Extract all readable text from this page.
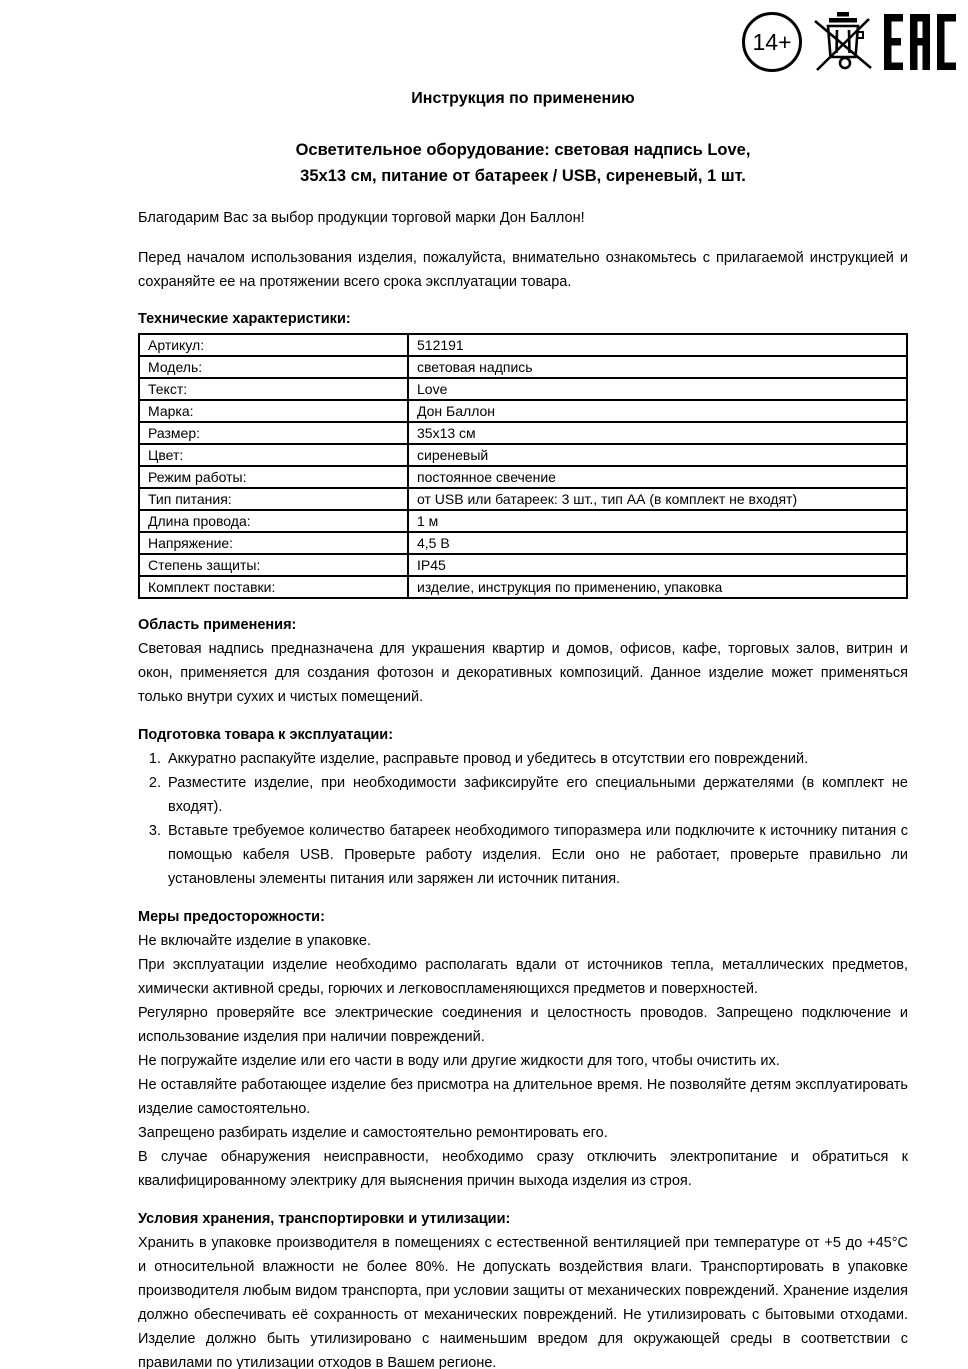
14+
Инструкция по применению
Осветительное оборудование: световая надпись Love,
35х13 см, питание от батареек / USB, сиреневый, 1 шт.

Благодарим Вас за выбор продукции торговой марки Дон Баллон!

Перед началом использования изделия, пожалуйста, внимательно ознакомьтесь с прилагаемой инструкцией и сохраняйте ее на протяжении всего срока эксплуатации товара.

Технические характеристики:
Артикул:	512191
Модель:	световая надпись
Текст:	Love
Марка:	Дон Баллон
Размер:	35х13 см
Цвет:	сиреневый
Режим работы:	постоянное свечение
Тип питания:	от USB или батареек: 3 шт., тип АА (в комплект не входят)
Длина провода:	1 м
Напряжение:	4,5 В
Степень защиты:	IP45
Комплект поставки:	изделие, инструкция по применению, упаковка
Область применения:

Световая надпись предназначена для украшения квартир и домов, офисов, кафе, торговых залов, витрин и окон, применяется для создания фотозон и декоративных композиций. Данное изделие может применяться только внутри сухих и чистых помещений.

Подготовка товара к эксплуатации:
1. Аккуратно распакуйте изделие, расправьте провод и убедитесь в отсутствии его повреждений.
2. Разместите изделие, при необходимости зафиксируйте его специальными держателями (в комплект не входят).
3. Вставьте требуемое количество батареек необходимого типоразмера или подключите к источнику питания с помощью кабеля USB. Проверьте работу изделия. Если оно не работает, проверьте правильно ли установлены элементы питания или заряжен ли источник питания.
Меры предосторожности:

Не включайте изделие в упаковке.

При эксплуатации изделие необходимо располагать вдали от источников тепла, металлических предметов, химически активной среды, горючих и легковоспламеняющихся предметов и поверхностей.

Регулярно проверяйте все электрические соединения и целостность проводов. Запрещено подключение и использование изделия при наличии повреждений.

Не погружайте изделие или его части в воду или другие жидкости для того, чтобы очистить их.

Не оставляйте работающее изделие без присмотра на длительное время. Не позволяйте детям эксплуатировать изделие самостоятельно.

Запрещено разбирать изделие и самостоятельно ремонтировать его.

В случае обнаружения неисправности, необходимо сразу отключить электропитание и обратиться к квалифицированному электрику для выяснения причин выхода изделия из строя.

Условия хранения, транспортировки и утилизации:

Хранить в упаковке производителя в помещениях с естественной вентиляцией при температуре от +5 до +45°С и относительной влажности не более 80%. Не допускать воздействия влаги. Транспортировать в упаковке производителя любым видом транспорта, при условии защиты от механических повреждений. Хранение изделия должно обеспечивать её сохранность от механических повреждений. Не утилизировать с бытовыми отходами. Изделие должно быть утилизировано с наименьшим вредом для окружающей среды в соответствии с правилами по утилизации отходов в Вашем регионе.
